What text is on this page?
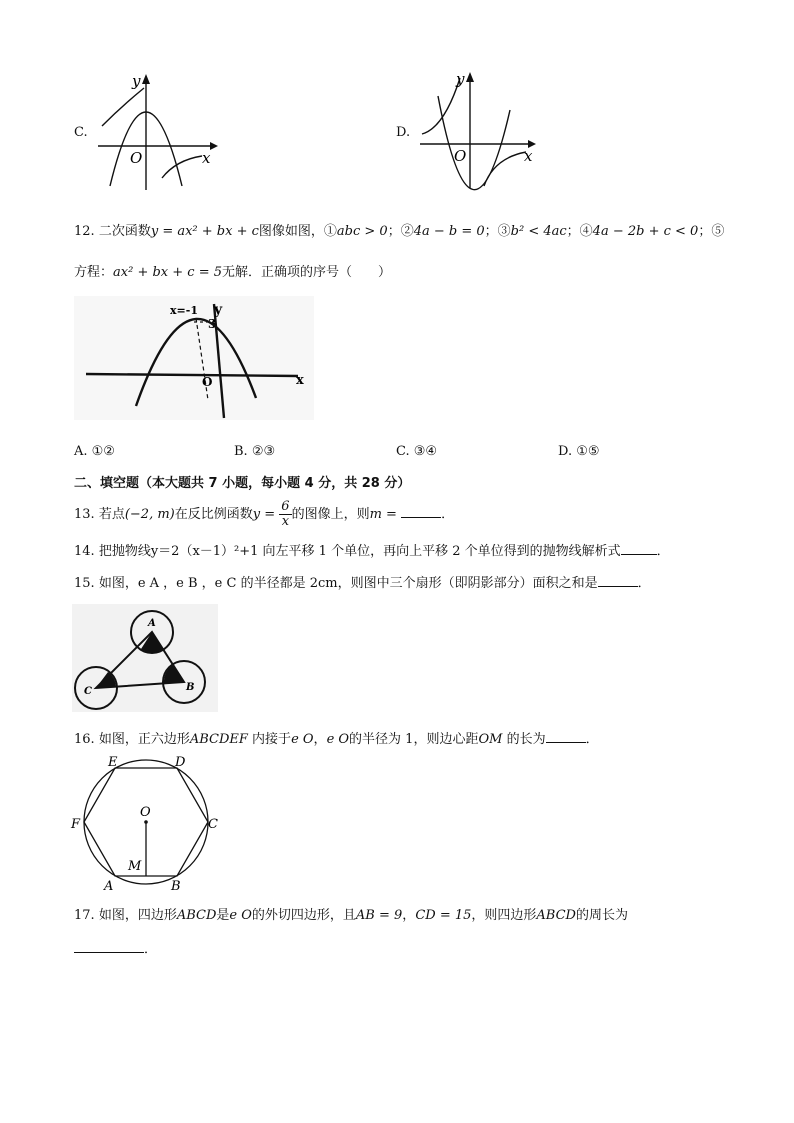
C.
y
x
O
D.
y
x
O
12. 二次函数y = ax² + bx + c图像如图，①abc > 0；②4a − b = 0；③b² < 4ac；④4a − 2b + c < 0；⑤
方程：ax² + bx + c = 5无解．正确项的序号（　　）
x
y
x=-1
3
O
A. ①②	B. ②③	C. ③④	D. ①⑤
二、填空题（本大题共 7 小题，每小题 4 分，共 28 分）
13. 若点(−2, m)在反比例函数$y = \frac{6}{x}$ 的图像上，则m =	．
14. 把抛物线y＝2（x－1）²+1 向左平移 1 个单位，再向上平移 2 个单位得到的抛物线解析式	．
15. 如图，e A ，e B ，e C 的半径都是 2cm，则图中三个扇形（即阴影部分）面积之和是	．
A
B
C
16. 如图，正六边形ABCDEF 内接于e O，e O的半径为 1，则边心距OM 的长为	．
A	B
C
D
E
F
O
M
17. 如图，四边形ABCD是e O的外切四边形，且AB = 9，CD = 15，则四边形ABCD的周长为
．
